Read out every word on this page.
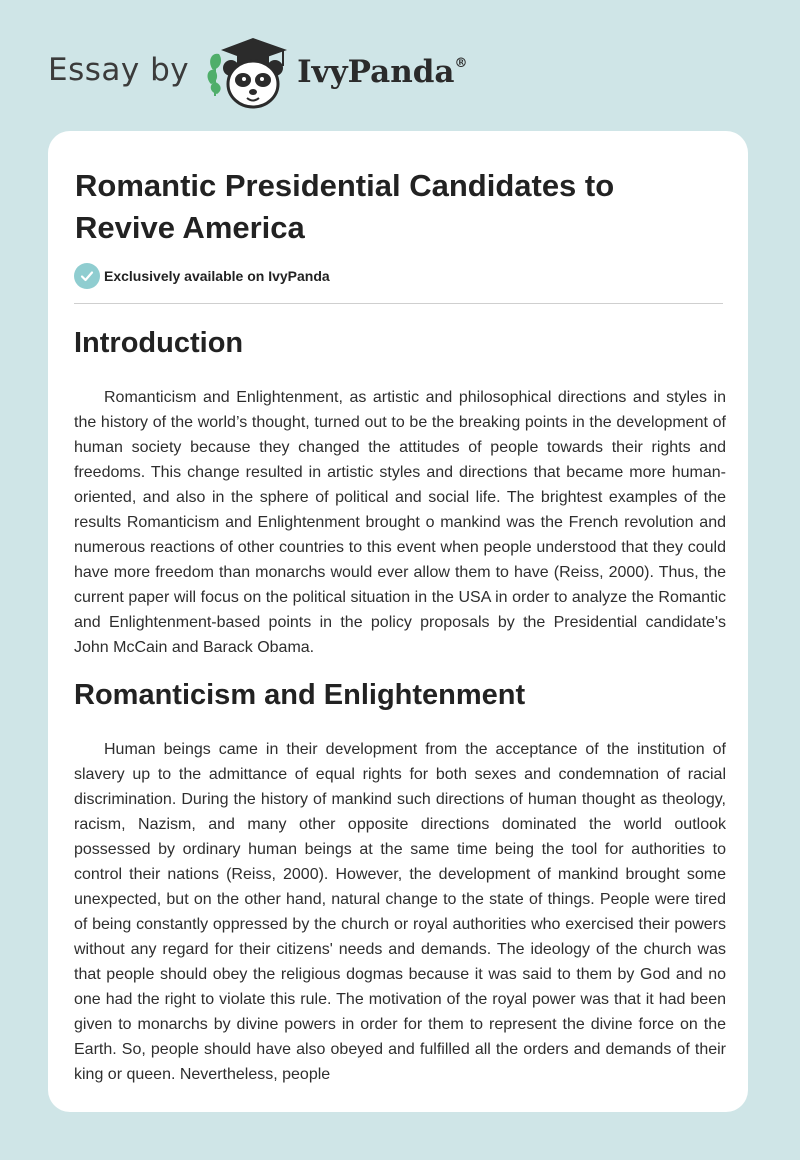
Essay by	IvyPanda®
Romantic Presidential Candidates to Revive America
Exclusively available on IvyPanda
Introduction

Romanticism and Enlightenment, as artistic and philosophical directions and styles in the history of the world’s thought, turned out to be the breaking points in the development of human society because they changed the attitudes of people towards their rights and freedoms. This change resulted in artistic styles and directions that became more human-oriented, and also in the sphere of political and social life. The brightest examples of the results Romanticism and Enlightenment brought o mankind was the French revolution and numerous reactions of other countries to this event when people understood that they could have more freedom than monarchs would ever allow them to have (Reiss, 2000). Thus, the current paper will focus on the political situation in the USA in order to analyze the Romantic and Enlightenment-based points in the policy proposals by the Presidential candidate's John McCain and Barack Obama.

Romanticism and Enlightenment

Human beings came in their development from the acceptance of the institution of slavery up to the admittance of equal rights for both sexes and condemnation of racial discrimination. During the history of mankind such directions of human thought as theology, racism, Nazism, and many other opposite directions dominated the world outlook possessed by ordinary human beings at the same time being the tool for authorities to control their nations (Reiss, 2000). However, the development of mankind brought some unexpected, but on the other hand, natural change to the state of things. People were tired of being constantly oppressed by the church or royal authorities who exercised their powers without any regard for their citizens' needs and demands. The ideology of the church was that people should obey the religious dogmas because it was said to them by God and no one had the right to violate this rule. The motivation of the royal power was that it had been given to monarchs by divine powers in order for them to represent the divine force on the Earth. So, people should have also obeyed and fulfilled all the orders and demands of their king or queen. Nevertheless, people
